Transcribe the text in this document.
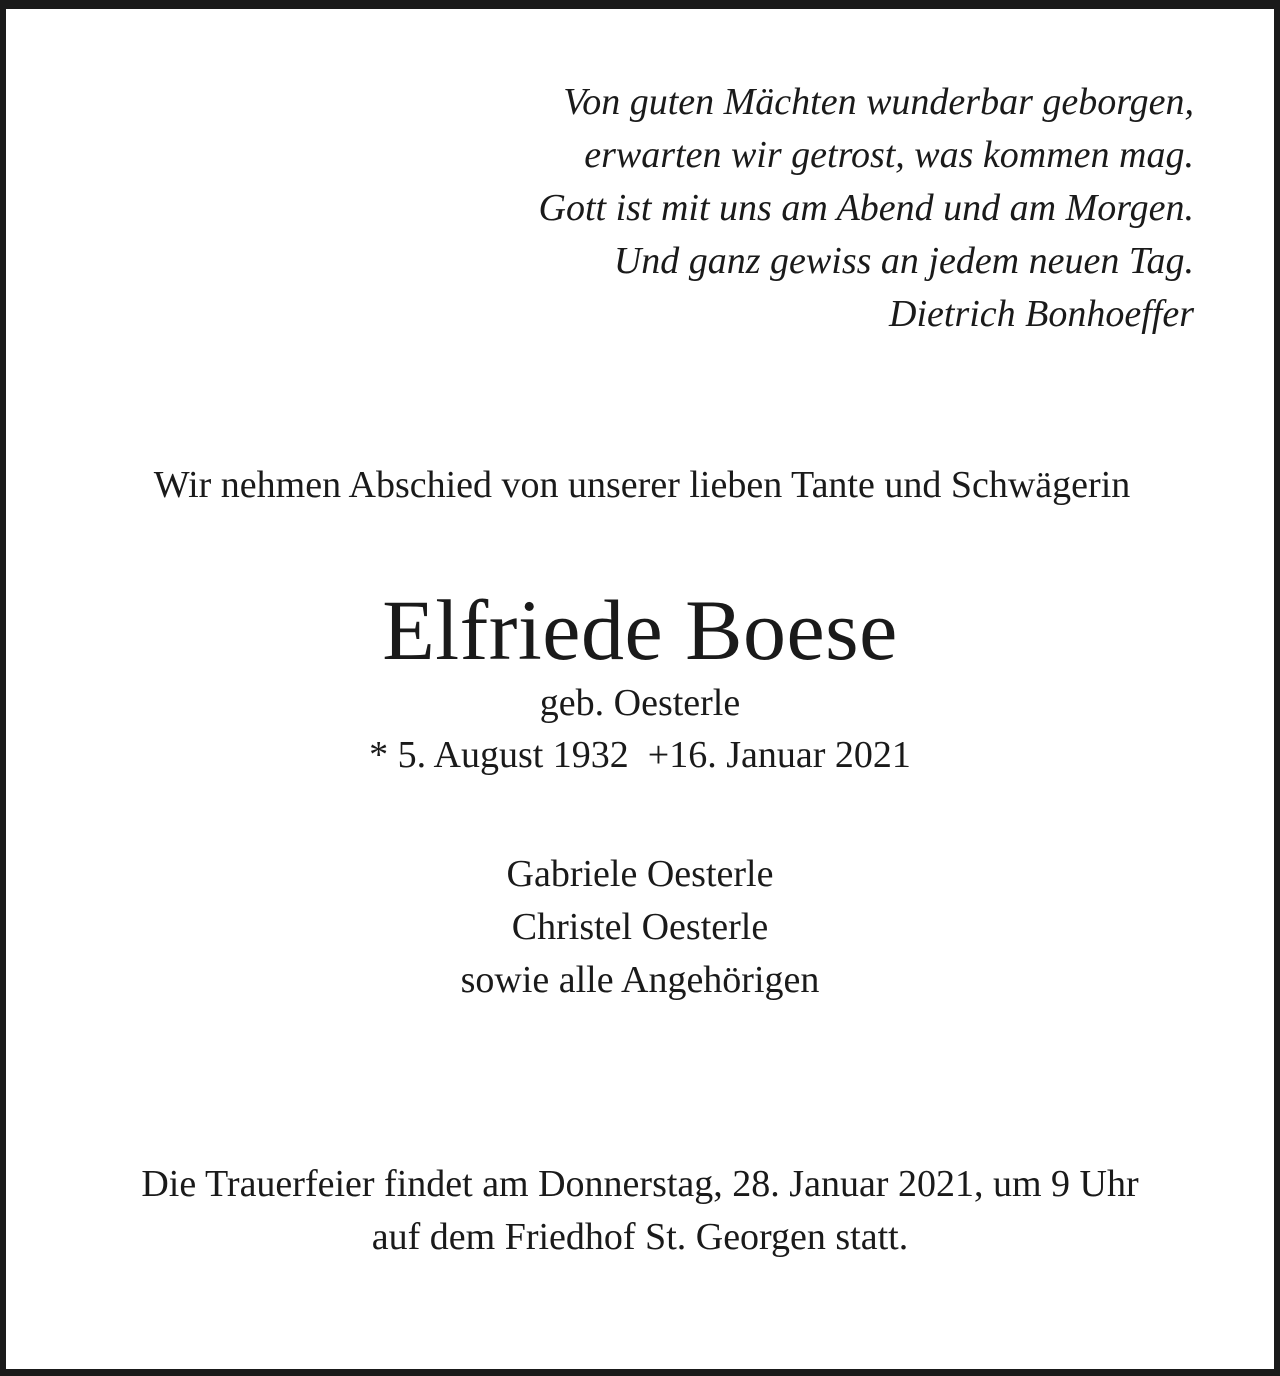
Von guten Mächten wunderbar geborgen,
erwarten wir getrost, was kommen mag.
Gott ist mit uns am Abend und am Morgen.
Und ganz gewiss an jedem neuen Tag.
Dietrich Bonhoeffer
Wir nehmen Abschied von unserer lieben Tante und Schwägerin
Elfriede Boese
geb. Oesterle
* 5. August 1932  +16. Januar 2021
Gabriele Oesterle
Christel Oesterle
sowie alle Angehörigen
Die Trauerfeier findet am Donnerstag, 28. Januar 2021, um 9 Uhr
auf dem Friedhof St. Georgen statt.
